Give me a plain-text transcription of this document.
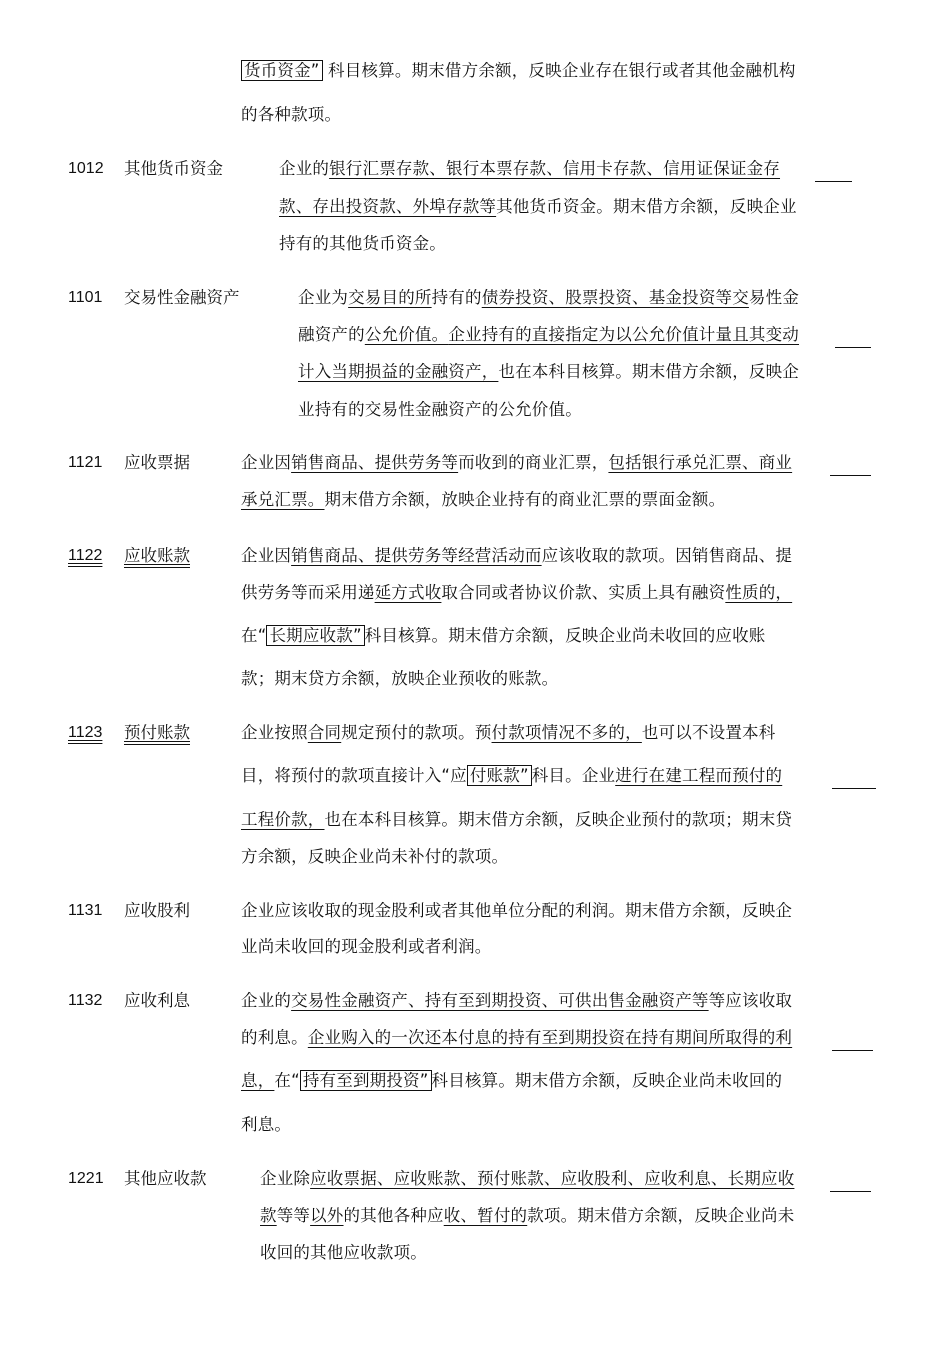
货币资金” 科目核算。期末借方余额，反映企业存在银行或者其他金融机构
的各种款项。
1012 其他货币资金	企业的银行汇票存款、银行本票存款、信用卡存款、信用证保证金存
款、存出投资款、外埠存款等其他货币资金。期末借方余额，反映企业
持有的其他货币资金。
1101 交易性金融资产	企业为交易目的所持有的债券投资、股票投资、基金投资等交易性金
融资产的公允价值。企业持有的直接指定为以公允价值计量且其变动
计入当期损益的金融资产，也在本科目核算。期末借方余额，反映企
业持有的交易性金融资产的公允价值。
1121 应收票据	企业因销售商品、提供劳务等而收到的商业汇票，包括银行承兑汇票、商业
承兑汇票。期末借方余额，放映企业持有的商业汇票的票面金额。
1122	应收账款	企业因销售商品、提供劳务等经营活动而应该收取的款项。因销售商品、提
供劳务等而采用递延方式收取合同或者协议价款、实质上具有融资性质的，
在“ 长期应收款” 科目核算。期末借方余额，反映企业尚未收回的应收账
款；期末贷方余额，放映企业预收的账款。
1123	预付账款	企业按照合同规定预付的款项。预付款项情况不多的，也可以不设置本科
目，将预付的款项直接计入“应 付账款” 科目。企业进行在建工程而预付的
工程价款，也在本科目核算。期末借方余额，反映企业预付的款项；期末贷
方余额，反映企业尚未补付的款项。
1131 应收股利	企业应该收取的现金股利或者其他单位分配的利润。期末借方余额，反映企
业尚未收回的现金股利或者利润。
1132 应收利息	企业的交易性金融资产、持有至到期投资、可供出售金融资产等等应该收取
的利息。企业购入的一次还本付息的持有至到期投资在持有期间所取得的利
息，在“ 持有至到期投资” 科目核算。期末借方余额，反映企业尚未收回的
利息。
1221 其他应收款	企业除应收票据、应收账款、预付账款、应收股利、应收利息、长期应收
款等等以外的其他各种应收、暂付的款项。期末借方余额，反映企业尚未
收回的其他应收款项。
